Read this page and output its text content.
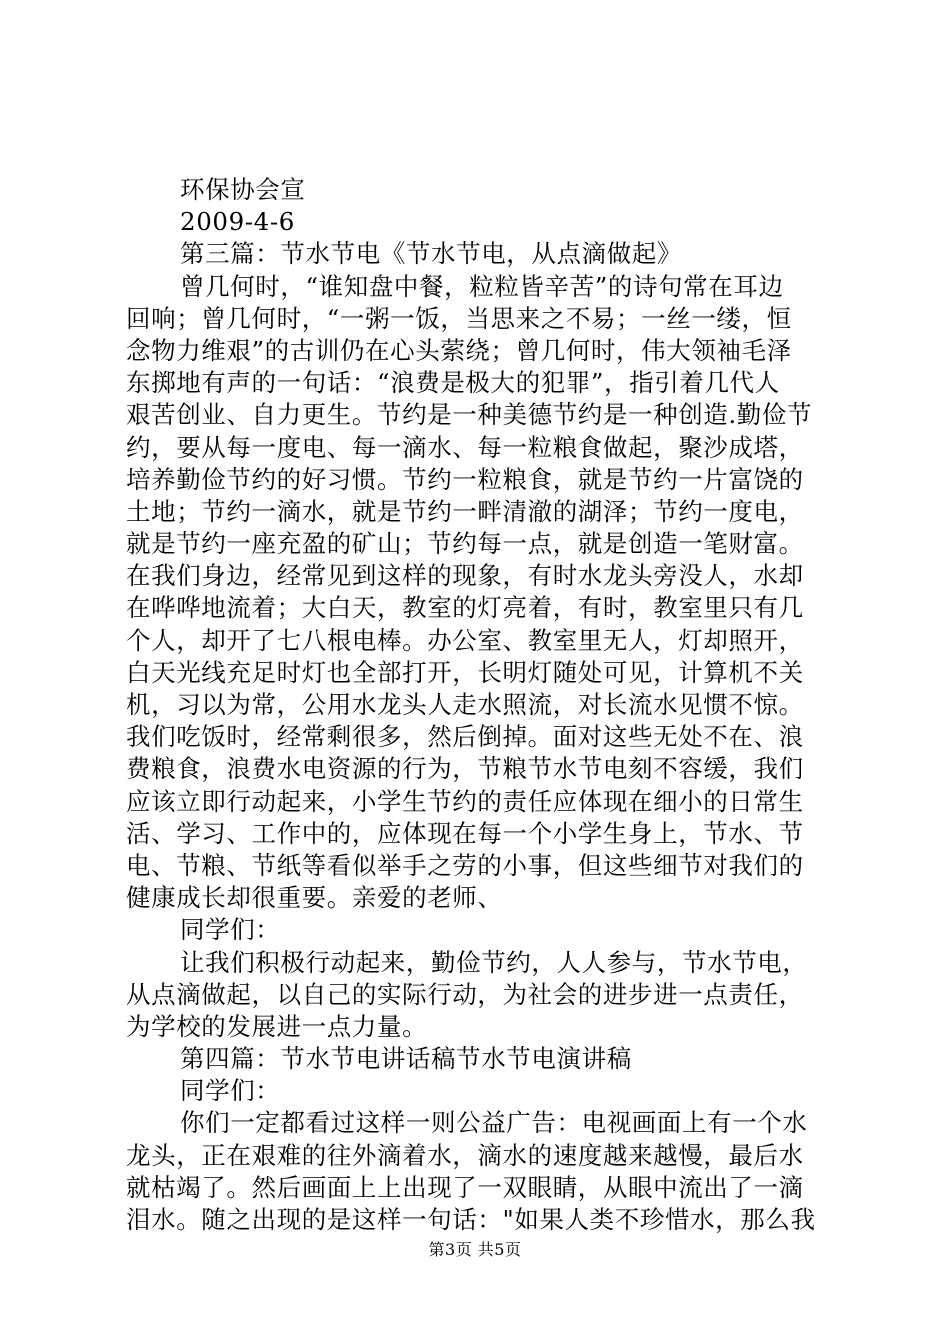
环保协会宣
2009-4-6
第三篇：节水节电《节水节电，从点滴做起》
曾几何时，“谁知盘中餐，粒粒皆辛苦”的诗句常在耳边
回响；曾几何时，“一粥一饭，当思来之不易；一丝一缕，恒
念物力维艰”的古训仍在心头萦绕；曾几何时，伟大领袖毛泽
东掷地有声的一句话：“浪费是极大的犯罪”，指引着几代人
艰苦创业、自力更生。节约是一种美德节约是一种创造.勤俭节
约，要从每一度电、每一滴水、每一粒粮食做起，聚沙成塔，
培养勤俭节约的好习惯。节约一粒粮食，就是节约一片富饶的
土地；节约一滴水，就是节约一畔清澈的湖泽；节约一度电，
就是节约一座充盈的矿山；节约每一点，就是创造一笔财富。
在我们身边，经常见到这样的现象，有时水龙头旁没人，水却
在哗哗地流着；大白天，教室的灯亮着，有时，教室里只有几
个人，却开了七八根电棒。办公室、教室里无人，灯却照开，
白天光线充足时灯也全部打开，长明灯随处可见，计算机不关
机，习以为常，公用水龙头人走水照流，对长流水见惯不惊。
我们吃饭时，经常剩很多，然后倒掉。面对这些无处不在、浪
费粮食，浪费水电资源的行为，节粮节水节电刻不容缓，我们
应该立即行动起来，小学生节约的责任应体现在细小的日常生
活、学习、工作中的，应体现在每一个小学生身上，节水、节
电、节粮、节纸等看似举手之劳的小事，但这些细节对我们的
健康成长却很重要。亲爱的老师、
同学们：
让我们积极行动起来，勤俭节约，人人参与，节水节电，
从点滴做起，以自己的实际行动，为社会的进步进一点责任，
为学校的发展进一点力量。
第四篇：节水节电讲话稿节水节电演讲稿
同学们：
你们一定都看过这样一则公益广告：电视画面上有一个水
龙头，正在艰难的往外滴着水，滴水的速度越来越慢，最后水
就枯竭了。然后画面上上出现了一双眼睛，从眼中流出了一滴
泪水。随之出现的是这样一句话："如果人类不珍惜水，那么我
第3页 共5页
